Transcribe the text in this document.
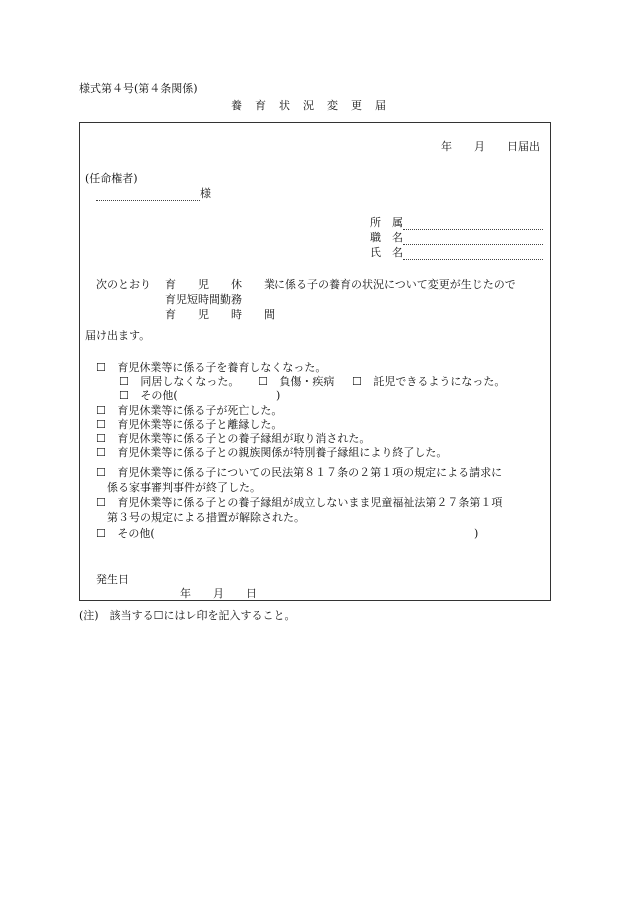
様式第４号(第４条関係)
養　育　状　況　変　更　届
年　　月　　日届出
(任命権者)
様
所　属
職　名
氏　名
次のとおり 育　　児　　休　　業
育児短時間勤務
育　　児　　時　　間
に係る子の養育の状況について変更が生じたので
届け出ます。
☐ 育児休業等に係る子を養育しなくなった。
☐ 同居しなくなった。 ☐ 負傷・疾病 ☐ 託児できるようになった。
☐ その他(	)
☐ 育児休業等に係る子が死亡した。
☐ 育児休業等に係る子と離縁した。
☐ 育児休業等に係る子との養子縁組が取り消された。
☐ 育児休業等に係る子との親族関係が特別養子縁組により終了した。
☐ 育児休業等に係る子についての民法第８１７条の２第１項の規定による請求に
係る家事審判事件が終了した。
☐ 育児休業等に係る子との養子縁組が成立しないまま児童福祉法第２７条第１項
第３号の規定による措置が解除された。
☐ その他(	)
発生日
年　　月　　日
(注)　該当する☐にはレ印を記入すること。
